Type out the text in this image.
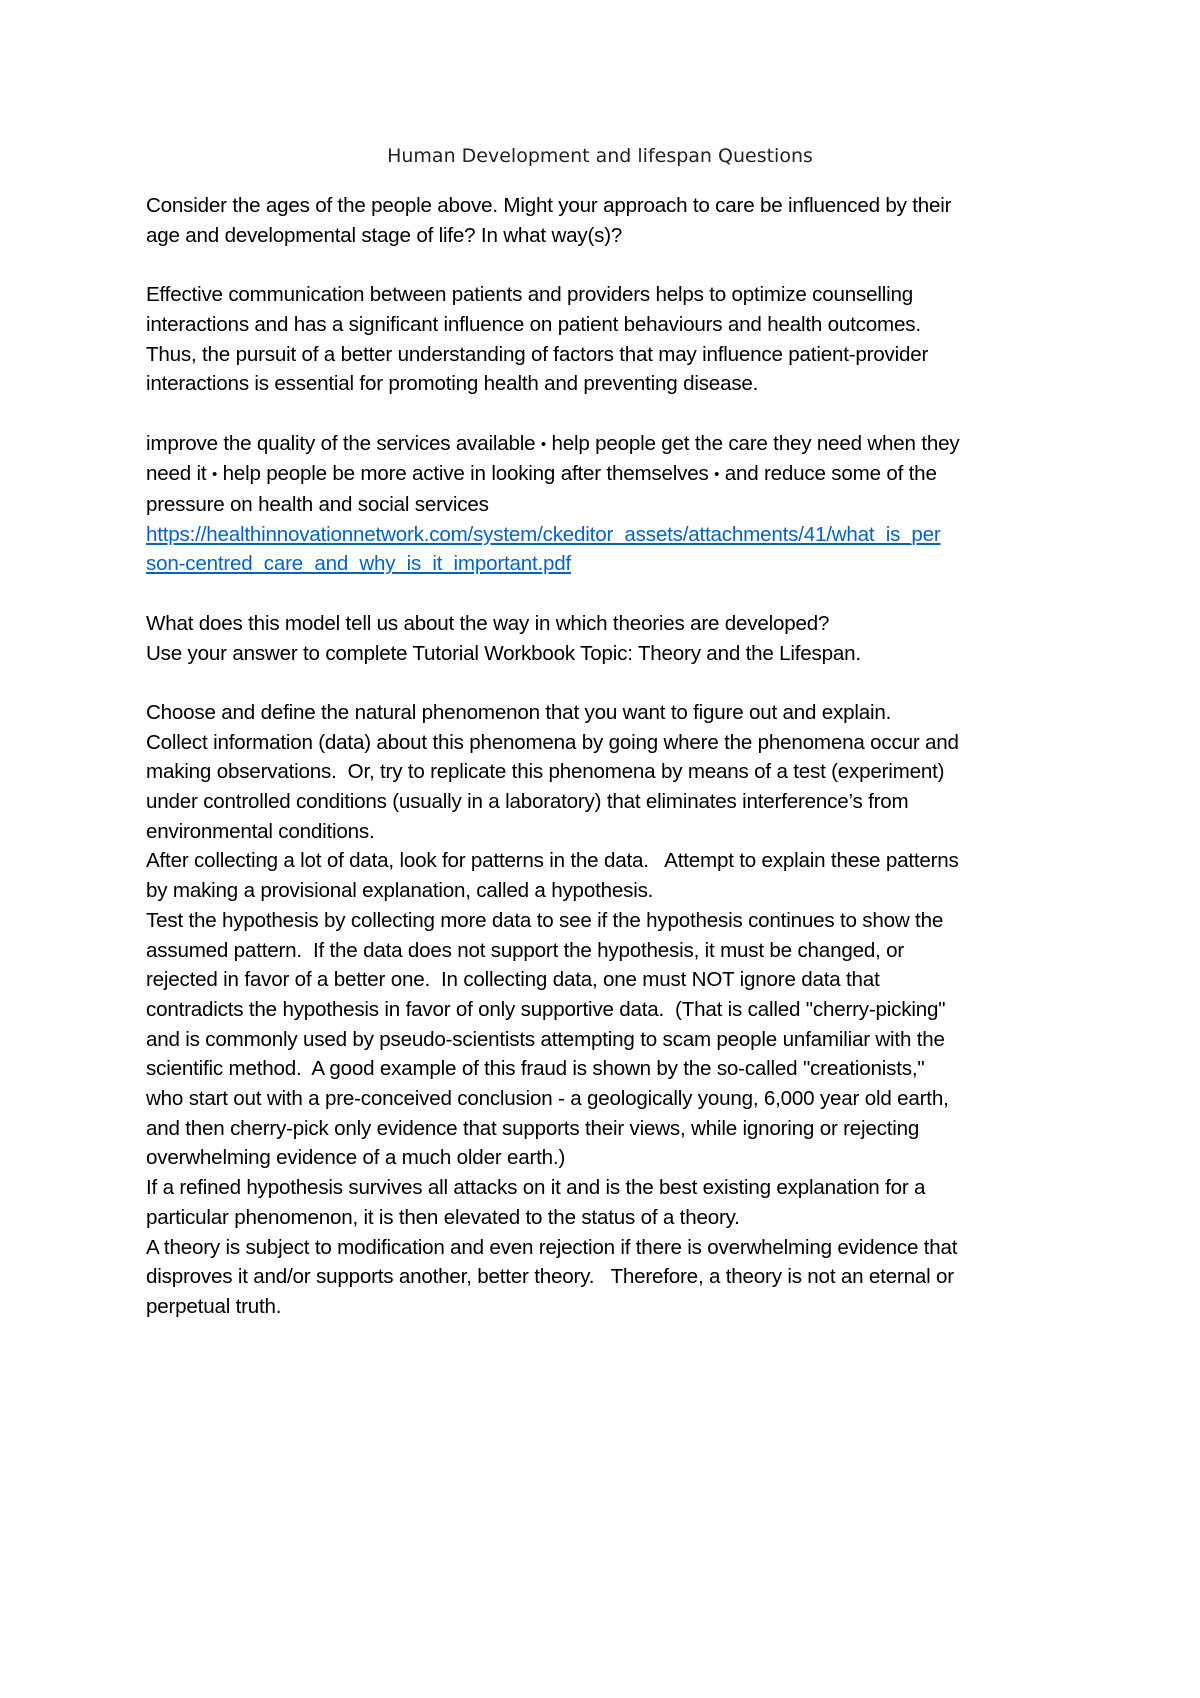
Human Development and lifespan Questions

Consider the ages of the people above. Might your approach to care be influenced by their

age and developmental stage of life? In what way(s)?

Effective communication between patients and providers helps to optimize counselling

interactions and has a significant influence on patient behaviours and health outcomes.

Thus, the pursuit of a better understanding of factors that may influence patient-provider

interactions is essential for promoting health and preventing disease.

improve the quality of the services available • help people get the care they need when they

need it • help people be more active in looking after themselves • and reduce some of the

pressure on health and social services

https://healthinnovationnetwork.com/system/ckeditor_assets/attachments/41/what_is_per
son-centred_care_and_why_is_it_important.pdf

What does this model tell us about the way in which theories are developed?

Use your answer to complete Tutorial Workbook Topic: Theory and the Lifespan.

Choose and define the natural phenomenon that you want to figure out and explain.

Collect information (data) about this phenomena by going where the phenomena occur and

making observations.  Or, try to replicate this phenomena by means of a test (experiment)

under controlled conditions (usually in a laboratory) that eliminates interference’s from

environmental conditions.

After collecting a lot of data, look for patterns in the data.   Attempt to explain these patterns

by making a provisional explanation, called a hypothesis.

Test the hypothesis by collecting more data to see if the hypothesis continues to show the

assumed pattern.  If the data does not support the hypothesis, it must be changed, or

rejected in favor of a better one.  In collecting data, one must NOT ignore data that

contradicts the hypothesis in favor of only supportive data.  (That is called "cherry-picking"

and is commonly used by pseudo-scientists attempting to scam people unfamiliar with the

scientific method.  A good example of this fraud is shown by the so-called "creationists,"

who start out with a pre-conceived conclusion - a geologically young, 6,000 year old earth,

and then cherry-pick only evidence that supports their views, while ignoring or rejecting

overwhelming evidence of a much older earth.)

If a refined hypothesis survives all attacks on it and is the best existing explanation for a

particular phenomenon, it is then elevated to the status of a theory.

A theory is subject to modification and even rejection if there is overwhelming evidence that

disproves it and/or supports another, better theory.   Therefore, a theory is not an eternal or

perpetual truth.
